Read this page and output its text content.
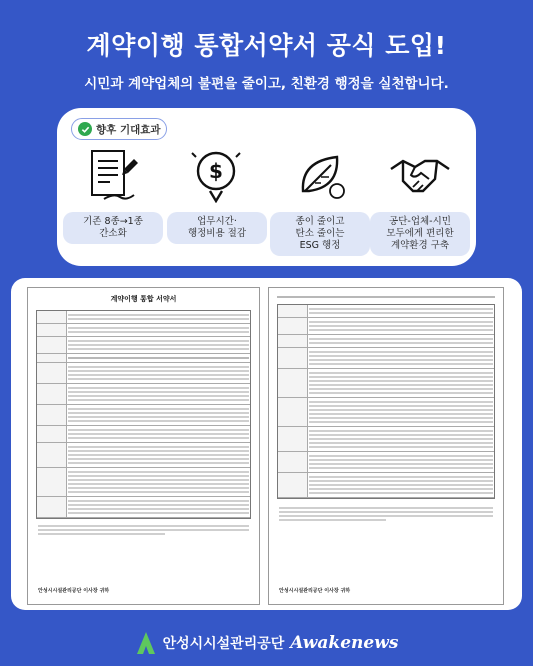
계약이행 통합서약서 공식 도입!
시민과 계약업체의 불편을 줄이고, 친환경 행정을 실천합니다.
향후 기대효과
기존 8종→1종
간소화
$
업무시간·
행정비용 절감
종이 줄이고
탄소 줄이는
ESG 행정
공단-업체-시민
모두에게 편리한
계약환경 구축
계약이행 통합 서약서
안성시시설관리공단 이사장 귀하	안성시시설관리공단 이사장 귀하
안성시시설관리공단 Awakenews
